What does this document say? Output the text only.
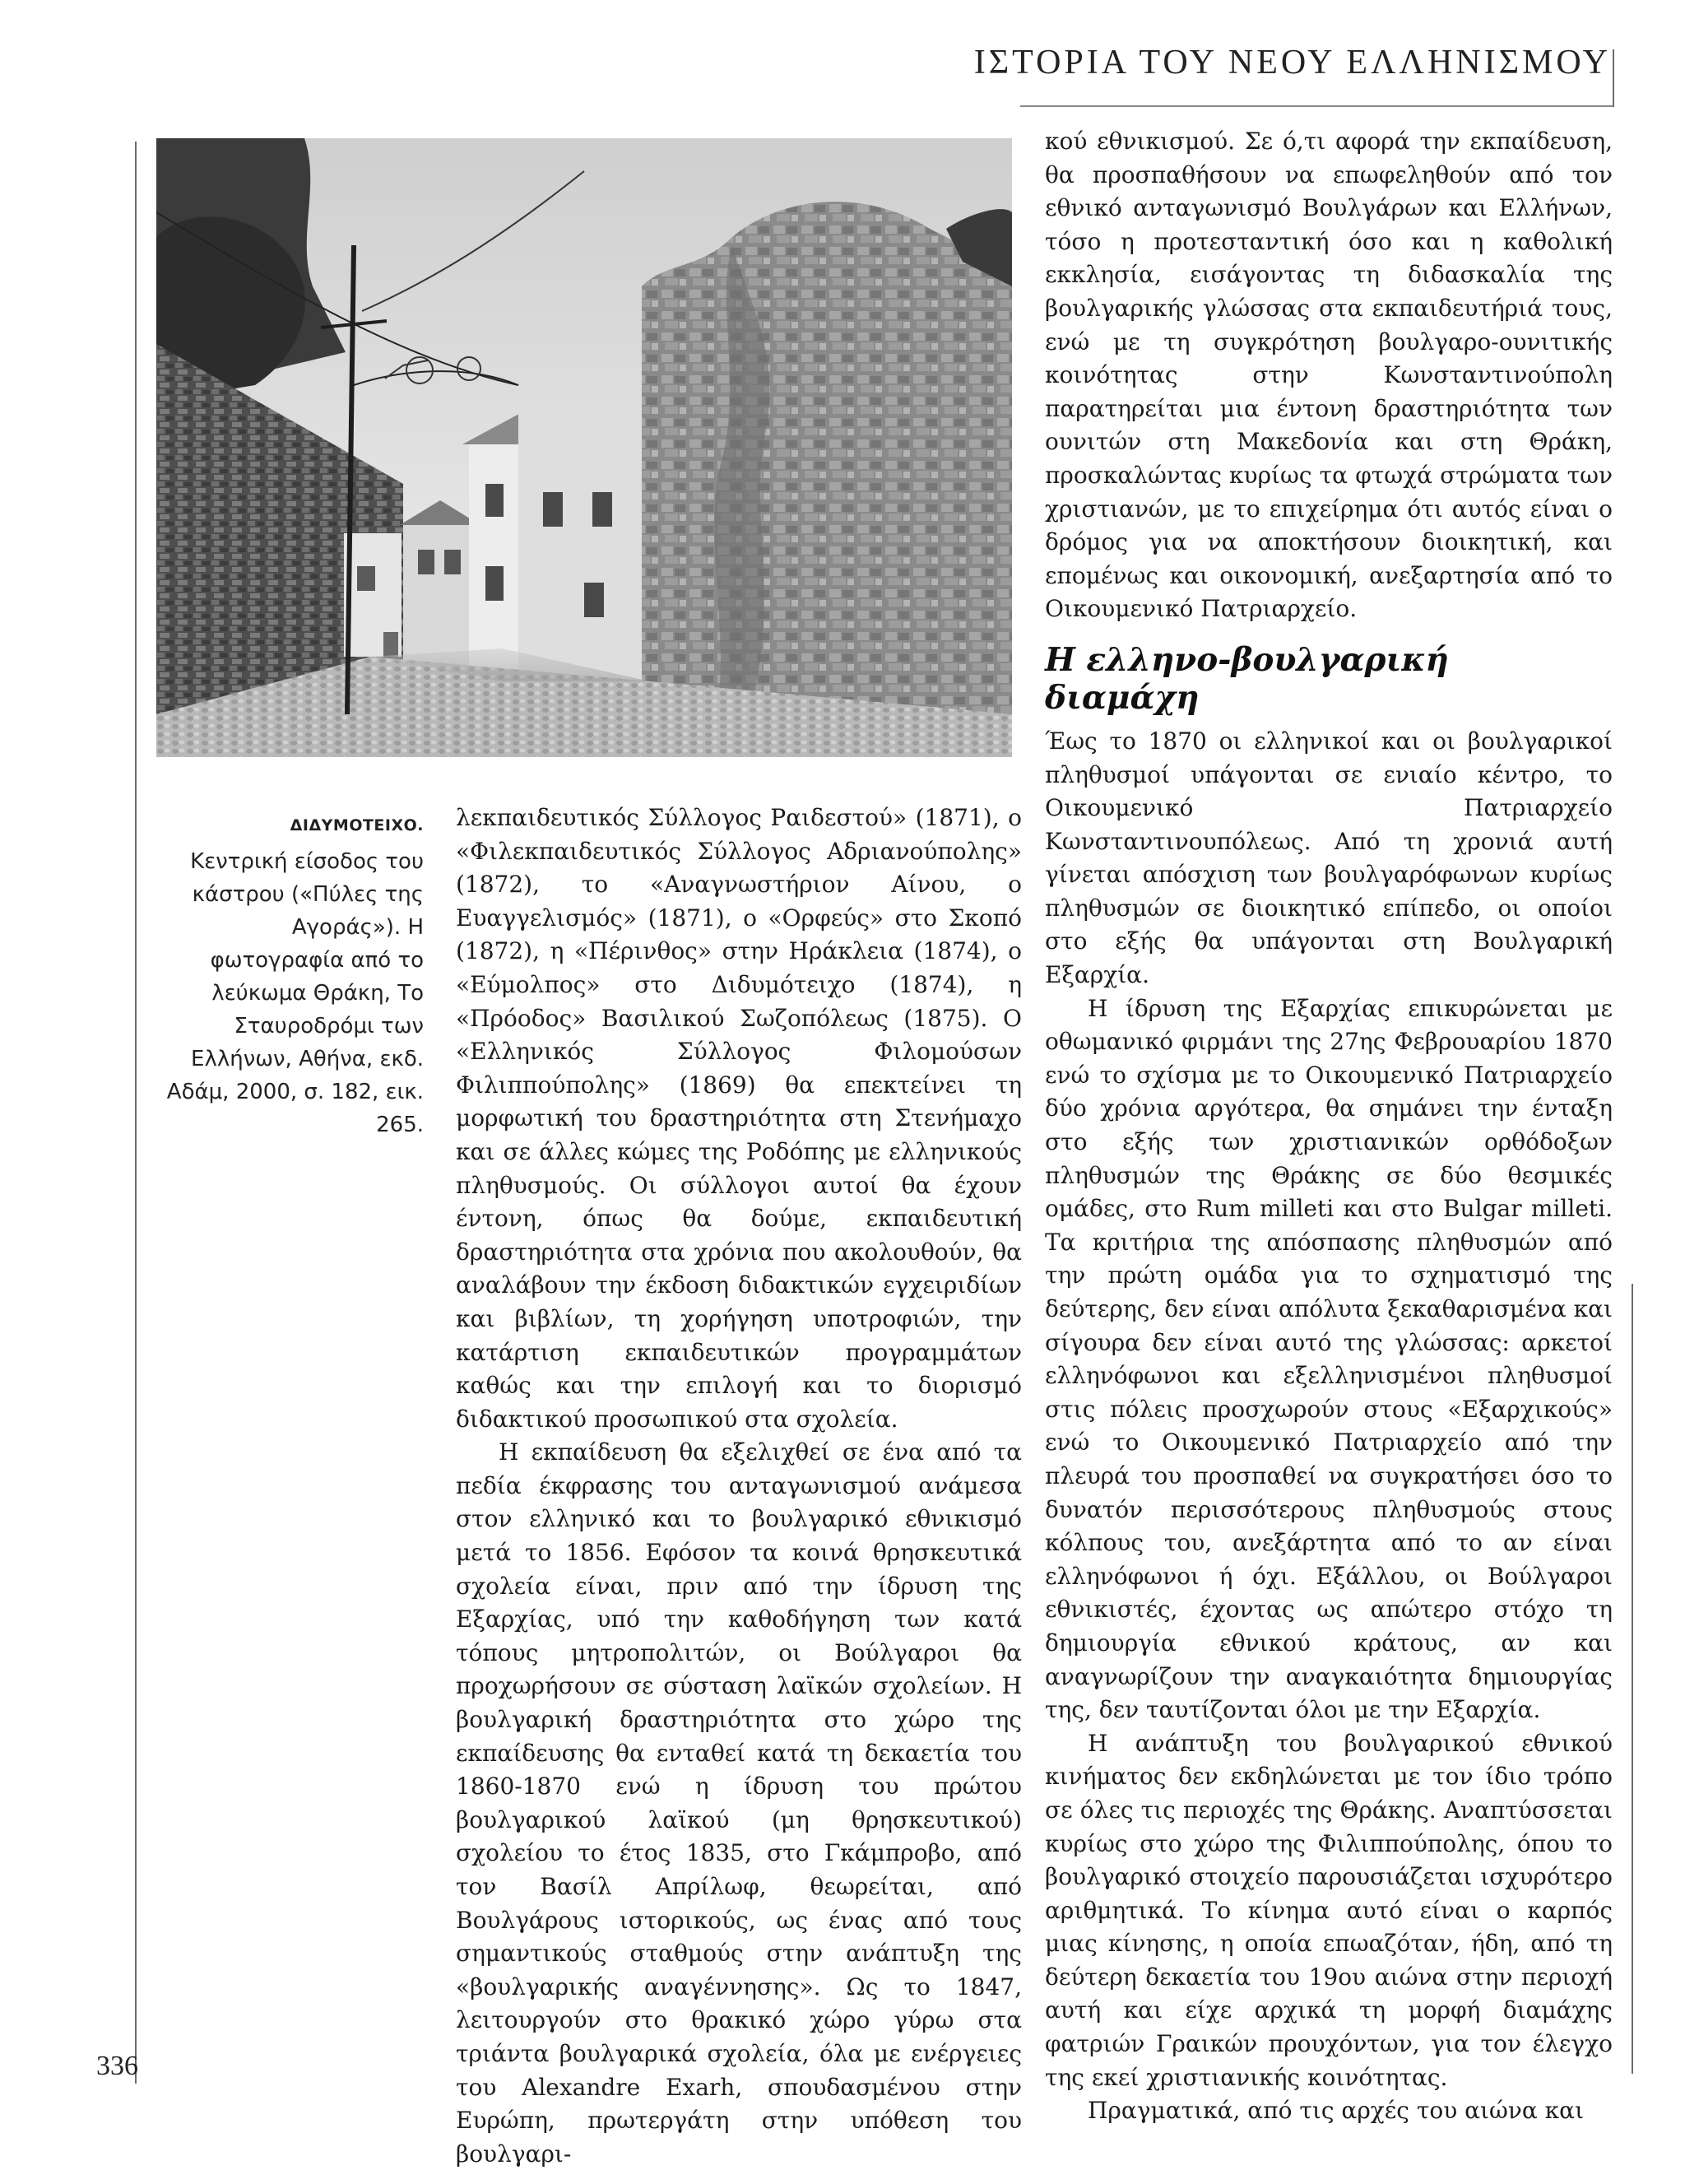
ΙΣΤΟΡΙΑ ΤΟΥ ΝΕΟΥ ΕΛΛΗΝΙΣΜΟΥ
ΔΙΔΥΜΟΤΕΙΧΟ.
Κεντρική είσοδος του κάστρου («Πύλες της Αγοράς»). Η φωτογραφία από το λεύκωμα Θράκη, Το Σταυροδρόμι των Ελλήνων, Αθήνα, εκδ. Αδάμ, 2000, σ. 182, εικ. 265.

λεκπαιδευτικός Σύλλογος Ραιδεστού» (1871), ο «Φιλεκπαιδευτικός Σύλλογος Αδριανούπολης» (1872), το «Αναγνωστήριον Αίνου, ο Ευαγγελισμός» (1871), ο «Ορφεύς» στο Σκοπό (1872), η «Πέρινθος» στην Ηράκλεια (1874), ο «Εύμολπος» στο Διδυμότειχο (1874), η «Πρόοδος» Βασιλικού Σωζοπόλεως (1875). Ο «Ελληνικός Σύλλογος Φιλομούσων Φιλιππούπολης» (1869) θα επεκτείνει τη μορφωτική του δραστηριότητα στη Στενήμαχο και σε άλλες κώμες της Ροδόπης με ελληνικούς πληθυσμούς. Οι σύλλογοι αυτοί θα έχουν έντονη, όπως θα δούμε, εκπαιδευτική δραστηριότητα στα χρόνια που ακολουθούν, θα αναλάβουν την έκδοση διδακτικών εγχειριδίων και βιβλίων, τη χορήγηση υποτροφιών, την κατάρτιση εκπαιδευτικών προγραμμάτων καθώς και την επιλογή και το διορισμό διδακτικού προσωπικού στα σχολεία.

Η εκπαίδευση θα εξελιχθεί σε ένα από τα πεδία έκφρασης του ανταγωνισμού ανάμεσα στον ελληνικό και το βουλγαρικό εθνικισμό μετά το 1856. Εφόσον τα κοινά θρησκευτικά σχολεία είναι, πριν από την ίδρυση της Εξαρχίας, υπό την καθοδήγηση των κατά τόπους μητροπολιτών, οι Βούλγαροι θα προχωρήσουν σε σύσταση λαϊκών σχολείων. Η βουλγαρική δραστηριότητα στο χώρο της εκπαίδευσης θα ενταθεί κατά τη δεκαετία του 1860-1870 ενώ η ίδρυση του πρώτου βουλγαρικού λαϊκού (μη θρησκευτικού) σχολείου το έτος 1835, στο Γκάμπροβο, από τον Βασίλ Απρίλωφ, θεωρείται, από Βουλγάρους ιστορικούς, ως ένας από τους σημαντικούς σταθμούς στην ανάπτυξη της «βουλγαρικής αναγέννησης». Ως το 1847, λειτουργούν στο θρακικό χώρο γύρω στα τριάντα βουλγαρικά σχολεία, όλα με ενέργειες του Alexandre Exarh, σπουδασμένου στην Ευρώπη, πρωτεργάτη στην υπόθεση του βουλγαρι-

κού εθνικισμού. Σε ό,τι αφορά την εκπαίδευση, θα προσπαθήσουν να επωφεληθούν από τον εθνικό ανταγωνισμό Βουλγάρων και Ελλήνων, τόσο η προτεσταντική όσο και η καθολική εκκλησία, εισάγοντας τη διδασκαλία της βουλγαρικής γλώσσας στα εκπαιδευτήριά τους, ενώ με τη συγκρότηση βουλγαρο-ουνιτικής κοινότητας στην Κωνσταντινούπολη παρατηρείται μια έντονη δραστηριότητα των ουνιτών στη Μακεδονία και στη Θράκη, προσκαλώντας κυρίως τα φτωχά στρώματα των χριστιανών, με το επιχείρημα ότι αυτός είναι ο δρόμος για να αποκτήσουν διοικητική, και επομένως και οικονομική, ανεξαρτησία από το Οικουμενικό Πατριαρχείο.

Η ελληνο-βουλγαρική διαμάχη

Έως το 1870 οι ελληνικοί και οι βουλγαρικοί πληθυσμοί υπάγονται σε ενιαίο κέντρο, το Οικουμενικό Πατριαρχείο Κωνσταντινουπόλεως. Από τη χρονιά αυτή γίνεται απόσχιση των βουλγαρόφωνων κυρίως πληθυσμών σε διοικητικό επίπεδο, οι οποίοι στο εξής θα υπάγονται στη Βουλγαρική Εξαρχία.

Η ίδρυση της Εξαρχίας επικυρώνεται με οθωμανικό φιρμάνι της 27ης Φεβρουαρίου 1870 ενώ το σχίσμα με το Οικουμενικό Πατριαρχείο δύο χρόνια αργότερα, θα σημάνει την ένταξη στο εξής των χριστιανικών ορθόδοξων πληθυσμών της Θράκης σε δύο θεσμικές ομάδες, στο Rum milleti και στο Bulgar milleti. Τα κριτήρια της απόσπασης πληθυσμών από την πρώτη ομάδα για το σχηματισμό της δεύτερης, δεν είναι απόλυτα ξεκαθαρισμένα και σίγουρα δεν είναι αυτό της γλώσσας: αρκετοί ελληνόφωνοι και εξελληνισμένοι πληθυσμοί στις πόλεις προσχωρούν στους «Εξαρχικούς» ενώ το Οικουμενικό Πατριαρχείο από την πλευρά του προσπαθεί να συγκρατήσει όσο το δυνατόν περισσότερους πληθυσμούς στους κόλπους του, ανεξάρτητα από το αν είναι ελληνόφωνοι ή όχι. Εξάλλου, οι Βούλγαροι εθνικιστές, έχοντας ως απώτερο στόχο τη δημιουργία εθνικού κράτους, αν και αναγνωρίζουν την αναγκαιότητα δημιουργίας της, δεν ταυτίζονται όλοι με την Εξαρχία.

Η ανάπτυξη του βουλγαρικού εθνικού κινήματος δεν εκδηλώνεται με τον ίδιο τρόπο σε όλες τις περιοχές της Θράκης. Αναπτύσσεται κυρίως στο χώρο της Φιλιππούπολης, όπου το βουλγαρικό στοιχείο παρουσιάζεται ισχυρότερο αριθμητικά. Το κίνημα αυτό είναι ο καρπός μιας κίνησης, η οποία επωαζόταν, ήδη, από τη δεύτερη δεκαετία του 19ου αιώνα στην περιοχή αυτή και είχε αρχικά τη μορφή διαμάχης φατριών Γραικών προυχόντων, για τον έλεγχο της εκεί χριστιανικής κοινότητας.

Πραγματικά, από τις αρχές του αιώνα και

336
